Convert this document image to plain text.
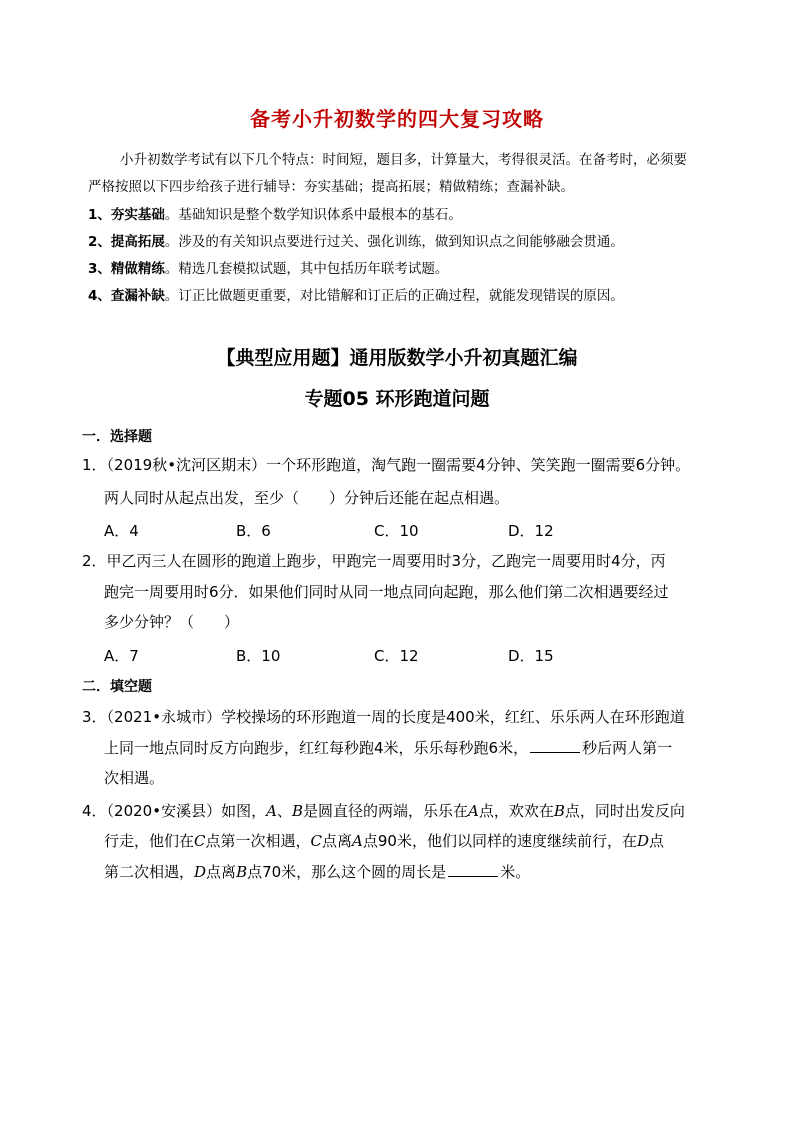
备考小升初数学的四大复习攻略
小升初数学考试有以下几个特点：时间短，题目多，计算量大，考得很灵活。在备考时，必须要
严格按照以下四步给孩子进行辅导：夯实基础；提高拓展；精做精练；查漏补缺。
1、夯实基础。基础知识是整个数学知识体系中最根本的基石。
2、提高拓展。涉及的有关知识点要进行过关、强化训练，做到知识点之间能够融会贯通。
3、精做精练。精选几套模拟试题，其中包括历年联考试题。
4、查漏补缺。订正比做题更重要，对比错解和订正后的正确过程，就能发现错误的原因。
【典型应用题】通用版数学小升初真题汇编
专题05 环形跑道问题
一．选择题
1．（2019秋•沈河区期末）一个环形跑道，淘气跑一圈需要4分钟、笑笑跑一圈需要6分钟。
两人同时从起点出发，至少（　　）分钟后还能在起点相遇。
A．4	B．6	C．10	D．12
2．甲乙丙三人在圆形的跑道上跑步，甲跑完一周要用时3分，乙跑完一周要用时4分，丙
跑完一周要用时6分．如果他们同时从同一地点同向起跑，那么他们第二次相遇要经过
多少分钟？（　　）
A．7	B．10	C．12	D．15
二．填空题
3．（2021•永城市）学校操场的环形跑道一周的长度是400米，红红、乐乐两人在环形跑道
上同一地点同时反方向跑步，红红每秒跑4米，乐乐每秒跑6米，	秒后两人第一
次相遇。
4．（2020•安溪县）如图，A、B是圆直径的两端，乐乐在A点，欢欢在B点，同时出发反向
行走，他们在C点第一次相遇，C点离A点90米，他们以同样的速度继续前行，在D点
第二次相遇，D点离B点70米，那么这个圆的周长是	米。
